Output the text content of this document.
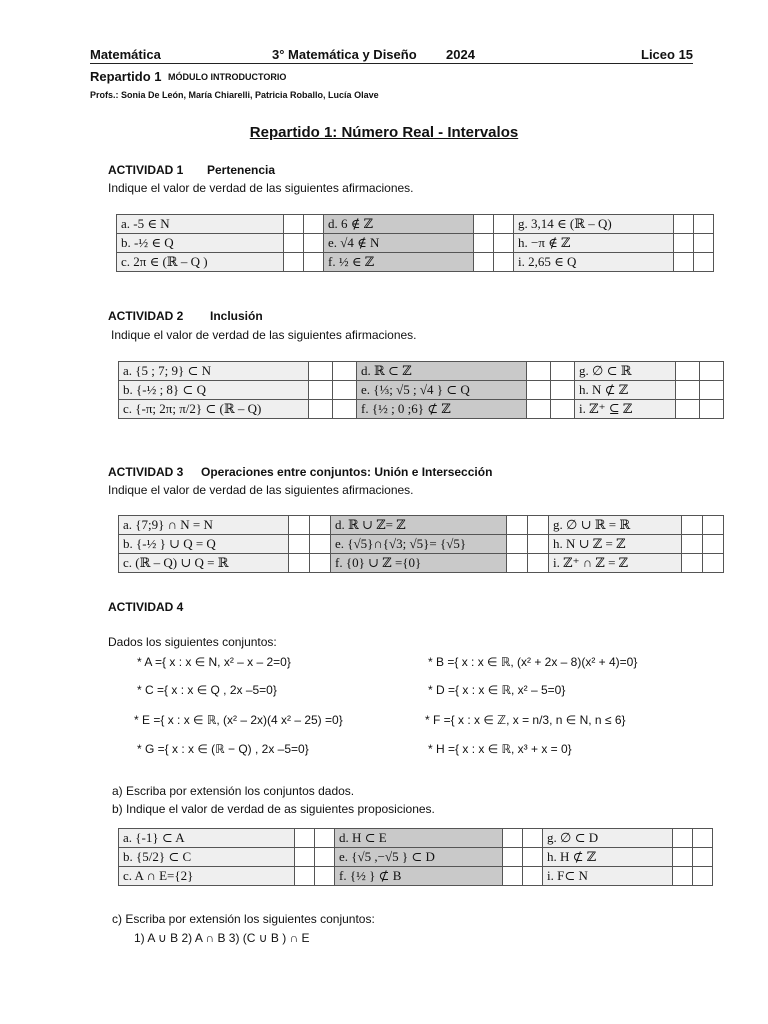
Matemática	3° Matemática y Diseño 2024	Liceo 15
Repartido 1 MÓDULO INTRODUCTORIO
Profs.: Sonia De León, María Chiarelli, Patricia Roballo, Lucía Olave
Repartido 1: Número Real - Intervalos
ACTIVIDAD 1 Pertenencia
Indique el valor de verdad de las siguientes afirmaciones.
a. -5 ∈ N			d. 6 ∉ ℤ			g. 3,14 ∈ (ℝ – Q)		
b. -½ ∈ Q			e. √4 ∉ N			h. −π ∉ ℤ		
c. 2π ∈ (ℝ – Q )			f. ½ ∈ ℤ			i. 2,65 ∈ Q		
ACTIVIDAD 2 Inclusión
Indique el valor de verdad de las siguientes afirmaciones.
a. {5 ; 7; 9} ⊂ N			d. ℝ ⊂ ℤ			g. ∅ ⊂ ℝ		
b. {-½ ; 8} ⊂ Q			e. {⅓; √5 ; √4 } ⊂ Q			h. N ⊄ ℤ		
c. {-π; 2π; π/2} ⊂ (ℝ – Q)			f. {½ ; 0 ;6} ⊄ ℤ			i. ℤ⁺ ⊆ ℤ		
ACTIVIDAD 3 Operaciones entre conjuntos: Unión e Intersección
Indique el valor de verdad de las siguientes afirmaciones.
a. {7;9} ∩ N = N			d. ℝ ∪ ℤ= ℤ			g. ∅ ∪ ℝ = ℝ		
b. {-½ } ∪ Q = Q			e. {√5}∩{√3; √5}= {√5}			h. N ∪ ℤ = ℤ		
c. (ℝ – Q) ∪ Q = ℝ			f. {0} ∪ ℤ ={0}			i. ℤ⁺ ∩ ℤ = ℤ		
ACTIVIDAD 4
Dados los siguientes conjuntos:
* A ={ x : x ∈ N, x² – x – 2=0}	* B ={ x : x ∈ ℝ, (x² + 2x – 8)(x² + 4)=0}
* C ={ x : x ∈ Q , 2x –5=0}	* D ={ x : x ∈ ℝ, x² – 5=0}
* E ={ x : x ∈ ℝ, (x² – 2x)(4 x² – 25) =0}	* F ={ x : x ∈ ℤ, x = n/3, n ∈ N, n ≤ 6}
* G ={ x : x ∈ (ℝ − Q) , 2x –5=0}	* H ={ x : x ∈ ℝ, x³ + x = 0}
a) Escriba por extensión los conjuntos dados.
b) Indique el valor de verdad de as siguientes proposiciones.
a. {-1} ⊂ A			d. H ⊂ E			g. ∅ ⊂ D		
b. {5/2} ⊂ C			e. {√5 ,−√5 } ⊂ D			h. H ⊄ ℤ		
c. A ∩ E={2}			f. {½ } ⊄ B			i. F⊂ N		
c) Escriba por extensión los siguientes conjuntos:
1) A ∪ B 2) A ∩ B 3) (C ∪ B ) ∩ E
